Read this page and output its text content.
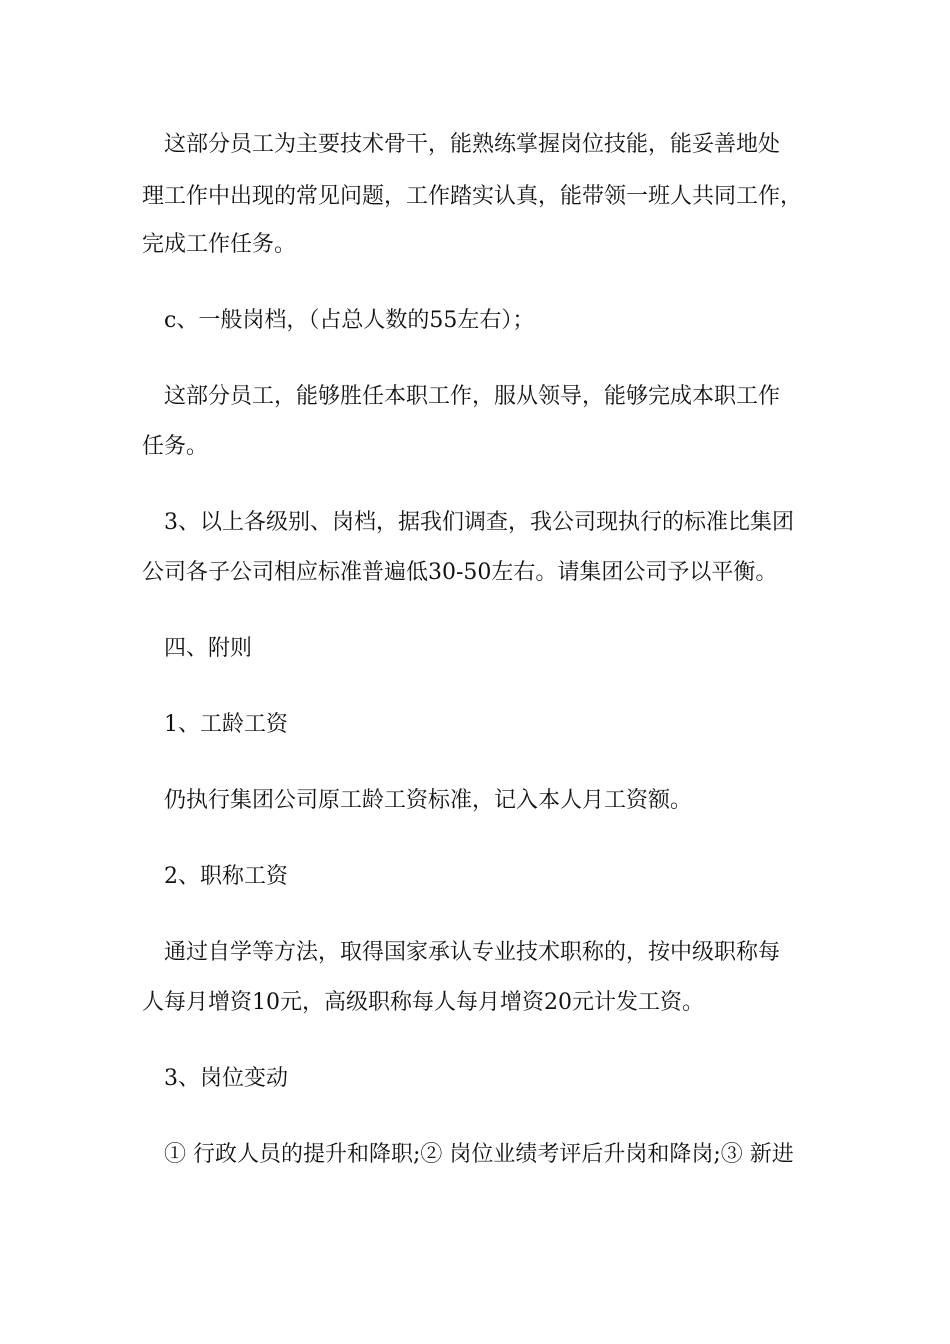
　这部分员工为主要技术骨干，能熟练掌握岗位技能，能妥善地处
理工作中出现的常见问题，工作踏实认真，能带领一班人共同工作，
完成工作任务。
　c、一般岗档，（占总人数的55左右）；
　这部分员工，能够胜任本职工作，服从领导，能够完成本职工作
任务。
　3、以上各级别、岗档，据我们调查，我公司现执行的标准比集团
公司各子公司相应标准普遍低30-50左右。请集团公司予以平衡。
　四、附则
　1、工龄工资
　仍执行集团公司原工龄工资标准，记入本人月工资额。
　2、职称工资
　通过自学等方法，取得国家承认专业技术职称的，按中级职称每
人每月增资10元，高级职称每人每月增资20元计发工资。
　3、岗位变动
　① 行政人员的提升和降职;② 岗位业绩考评后升岗和降岗;③ 新进
